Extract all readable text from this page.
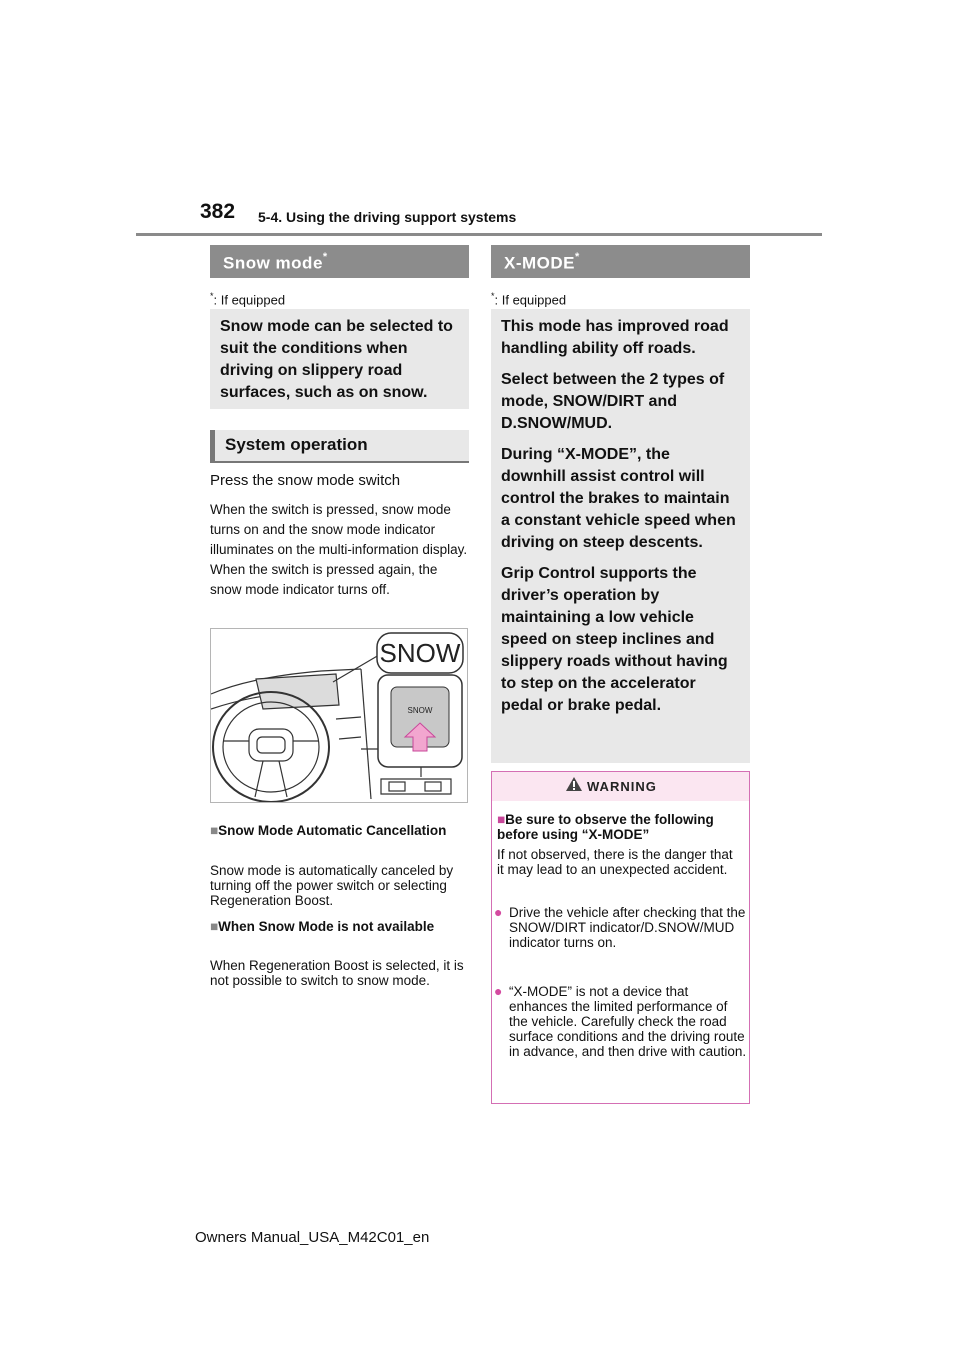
382 5-4. Using the driving support systems
Snow mode*
*: If equipped

Snow mode can be selected to suit the conditions when driving on slippery road surfaces, such as on snow.

System operation
Press the snow mode switch
When the switch is pressed, snow mode turns on and the snow mode indicator illuminates on the multi-information display. When the switch is pressed again, the snow mode indicator turns off.
SNOW
SNOW
■Snow Mode Automatic Cancellation
Snow mode is automatically canceled by turning off the power switch or selecting Regeneration Boost.
■When Snow Mode is not available
When Regeneration Boost is selected, it is not possible to switch to snow mode.
X-MODE*
*: If equipped

This mode has improved road handling ability off roads.

Select between the 2 types of mode, SNOW/DIRT and D.SNOW/MUD.

During “X-MODE”, the downhill assist control will control the brakes to maintain a constant vehicle speed when driving on steep descents.

Grip Control supports the driver’s operation by maintaining a low vehicle speed on steep inclines and slippery roads without having to step on the accelerator pedal or brake pedal.

WARNING
■Be sure to observe the following before using “X-MODE”
If not observed, there is the danger that it may lead to an unexpected accident.
● Drive the vehicle after checking that the SNOW/DIRT indicator/D.SNOW/MUD indicator turns on.
● “X-MODE” is not a device that enhances the limited performance of the vehicle. Carefully check the road surface conditions and the driving route in advance, and then drive with caution.
Owners Manual_USA_M42C01_en
